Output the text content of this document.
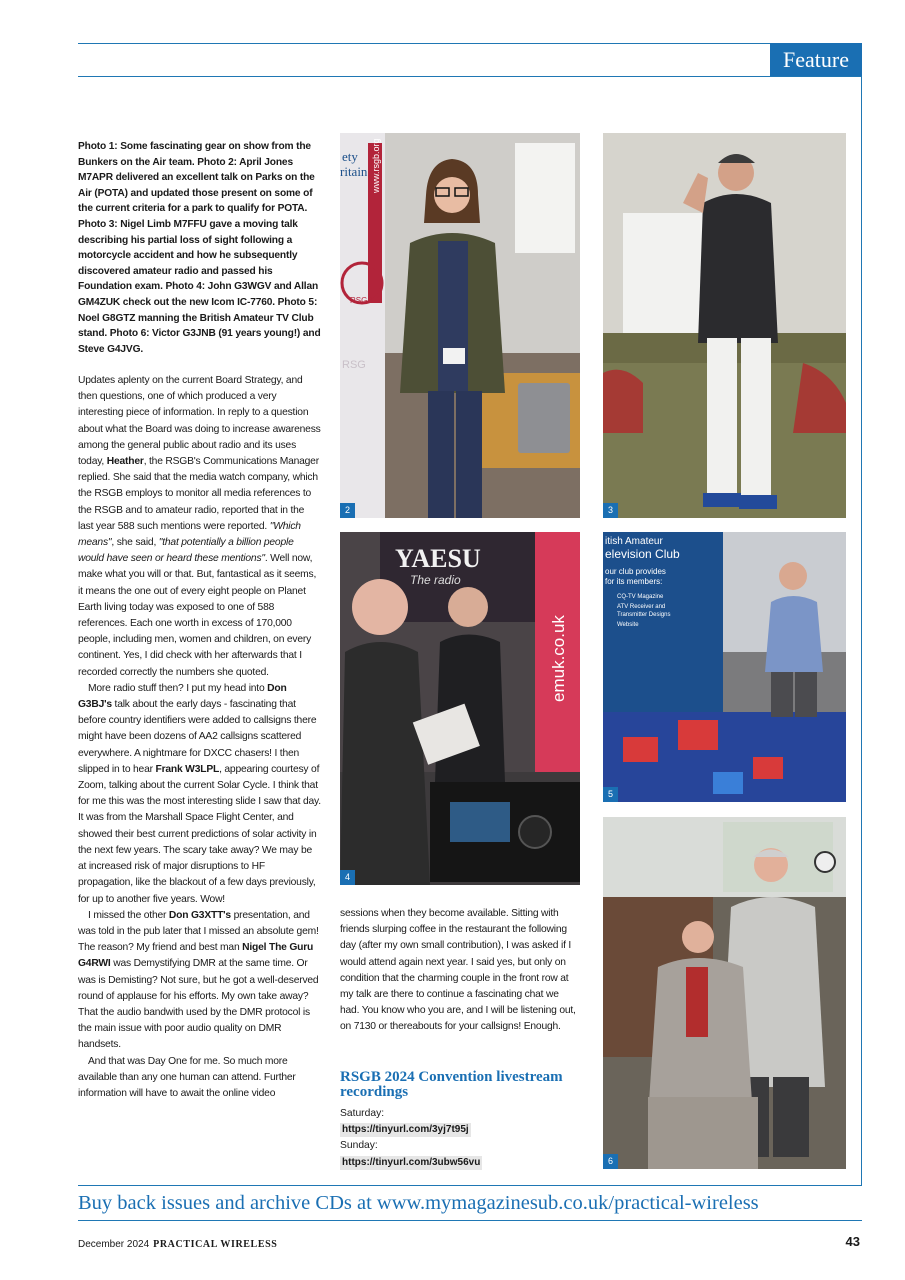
Feature
Photo 1: Some fascinating gear on show from the Bunkers on the Air team. Photo 2: April Jones M7APR delivered an excellent talk on Parks on the Air (POTA) and updated those present on some of the current criteria for a park to qualify for POTA. Photo 3: Nigel Limb M7FFU gave a moving talk describing his partial loss of sight following a motorcycle accident and how he subsequently discovered amateur radio and passed his Foundation exam. Photo 4: John G3WGV and Allan GM4ZUK check out the new Icom IC-7760. Photo 5: Noel G8GTZ manning the British Amateur TV Club stand. Photo 6: Victor G3JNB (91 years young!) and Steve G4JVG.

Updates aplenty on the current Board Strategy, and then questions, one of which produced a very interesting piece of information. In reply to a question about what the Board was doing to increase awareness among the general public about radio and its uses today, Heather, the RSGB's Communications Manager replied. She said that the media watch company, which the RSGB employs to monitor all media references to the RSGB and to amateur radio, reported that in the last year 588 such mentions were reported. "Which means", she said, "that potentially a billion people would have seen or heard these mentions". Well now, make what you will or that. But, fantastical as it seems, it means the one out of every eight people on Planet Earth living today was exposed to one of 588 references. Each one worth in excess of 170,000 people, including men, women and children, on every continent. Yes, I did check with her afterwards that I recorded correctly the numbers she quoted.

More radio stuff then? I put my head into Don G3BJ's talk about the early days - fascinating that before country identifiers were added to callsigns there might have been dozens of AA2 callsigns scattered everywhere. A nightmare for DXCC chasers! I then slipped in to hear Frank W3LPL, appearing courtesy of Zoom, talking about the current Solar Cycle. I think that for me this was the most interesting slide I saw that day. It was from the Marshall Space Flight Center, and showed their best current predictions of solar activity in the next few years. The scary take away? We may be at increased risk of major disruptions to HF propagation, like the blackout of a few days previously, for up to another five years. Wow!

I missed the other Don G3XTT's presentation, and was told in the pub later that I missed an absolute gem! The reason? My friend and best man Nigel The Guru G4RWI was Demystifying DMR at the same time. Or was is Demisting? Not sure, but he got a well-deserved round of applause for his efforts. My own take away? That the audio bandwith used by the DMR protocol is the main issue with poor audio quality on DMR handsets.

And that was Day One for me. So much more available than any one human can attend. Further information will have to await the online video

sessions when they become available. Sitting with friends slurping coffee in the restaurant the following day (after my own small contribution), I was asked if I would attend again next year. I said yes, but only on condition that the charming couple in the front row at my talk are there to continue a fascinating chat we had. You know who you are, and I will be listening out, on 7130 or thereabouts for your callsigns! Enough.

RSGB 2024 Convention livestream recordings
Saturday:
https://tinyurl.com/3yj7t95j
Sunday:
https://tinyurl.com/3ubw56vu
www.rsgb.org
ety
ritain
RSGB
RSG
2	3
YAESU
The radio
emuk.co.uk
4
itish Amateur
elevision Club
our club provides
for its members:
CQ-TV Magazine
ATV Receiver and
Transmitter Designs
Website
5
6
Buy back issues and archive CDs at www.mymagazinesub.co.uk/practical-wireless
December 2024 PRACTICAL WIRELESS	43
